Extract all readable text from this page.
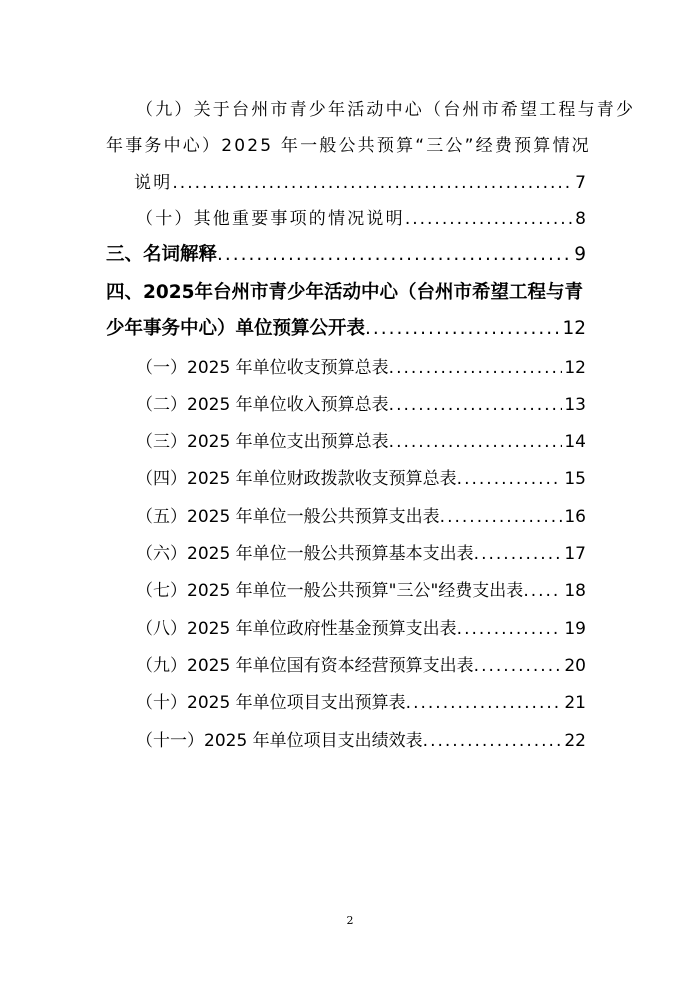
（九）关于台州市青少年活动中心（台州市希望工程与青少
年事务中心）2025 年一般公共预算“三公”经费预算情况
说明 .....	7
（十）其他重要事项的情况说明 .....	8
三、名词解释 .....	9
四、2025年台州市青少年活动中心（台州市希望工程与青
少年事务中心）单位预算公开表 .....	12
（一）2025 年单位收支预算总表 .....	12
（二）2025 年单位收入预算总表 .....	13
（三）2025 年单位支出预算总表 .....	14
（四）2025 年单位财政拨款收支预算总表 .....	15
（五）2025 年单位一般公共预算支出表 .....	16
（六）2025 年单位一般公共预算基本支出表 .....	17
（七）2025 年单位一般公共预算"三公"经费支出表 ..... 18
（八）2025 年单位政府性基金预算支出表 .....	19
（九）2025 年单位国有资本经营预算支出表 .....	20
（十）2025 年单位项目支出预算表 .....	21
（十一）2025 年单位项目支出绩效表 .....	22
2
